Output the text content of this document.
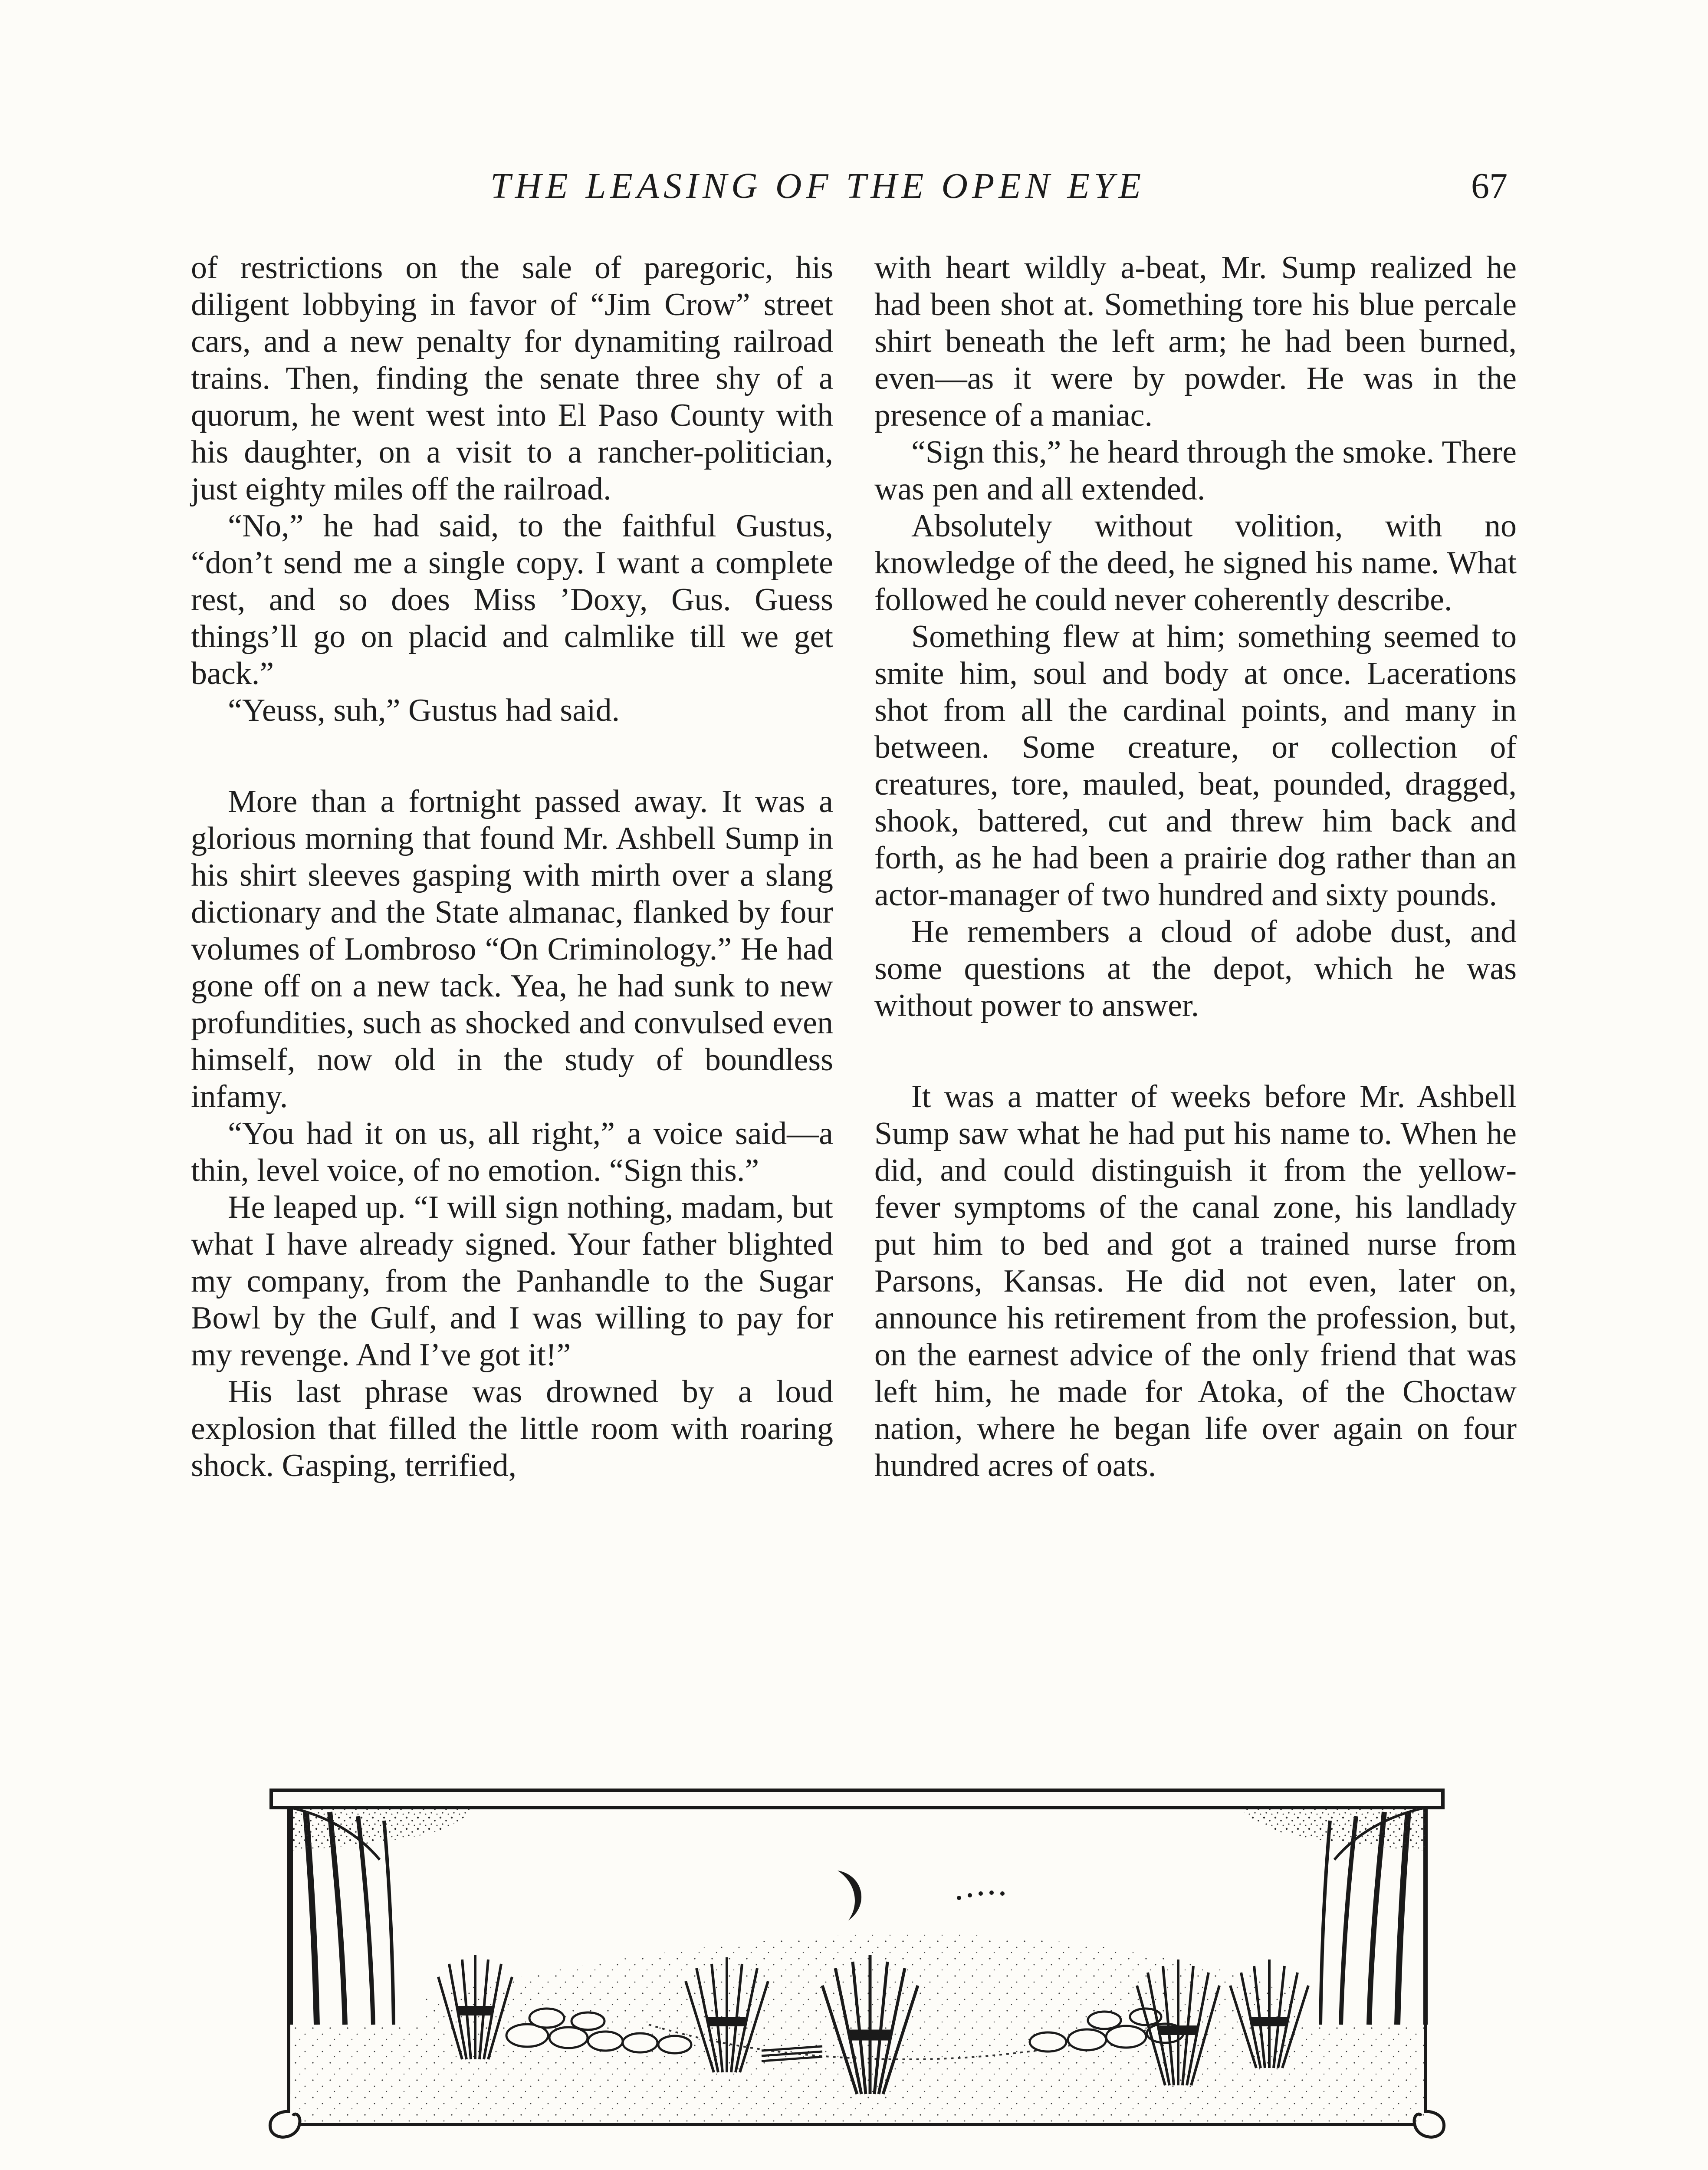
THE LEASING OF THE OPEN EYE	67

of restrictions on the sale of paregoric, his diligent lobbying in favor of “Jim Crow” street cars, and a new penalty for dynamiting railroad trains. Then, finding the senate three shy of a quorum, he went west into El Paso County with his daughter, on a visit to a rancher-politician, just eighty miles off the railroad.

“No,” he had said, to the faithful Gustus, “don’t send me a single copy. I want a complete rest, and so does Miss ’Doxy, Gus. Guess things’ll go on placid and calmlike till we get back.”

“Yeuss, suh,” Gustus had said.

More than a fortnight passed away. It was a glorious morning that found Mr. Ashbell Sump in his shirt sleeves gasping with mirth over a slang dictionary and the State almanac, flanked by four volumes of Lombroso “On Criminology.” He had gone off on a new tack. Yea, he had sunk to new profundities, such as shocked and convulsed even himself, now old in the study of boundless infamy.

“You had it on us, all right,” a voice said—a thin, level voice, of no emotion. “Sign this.”

He leaped up. “I will sign nothing, madam, but what I have already signed. Your father blighted my company, from the Panhandle to the Sugar Bowl by the Gulf, and I was willing to pay for my revenge. And I’ve got it!”

His last phrase was drowned by a loud explosion that filled the little room with roaring shock. Gasping, terrified,

with heart wildly a-beat, Mr. Sump realized he had been shot at. Something tore his blue percale shirt beneath the left arm; he had been burned, even—as it were by powder. He was in the presence of a maniac.

“Sign this,” he heard through the smoke. There was pen and all extended.

Absolutely without volition, with no knowledge of the deed, he signed his name. What followed he could never coherently describe.

Something flew at him; something seemed to smite him, soul and body at once. Lacerations shot from all the cardinal points, and many in between. Some creature, or collection of creatures, tore, mauled, beat, pounded, dragged, shook, battered, cut and threw him back and forth, as he had been a prairie dog rather than an actor-manager of two hundred and sixty pounds.

He remembers a cloud of adobe dust, and some questions at the depot, which he was without power to answer.

It was a matter of weeks before Mr. Ashbell Sump saw what he had put his name to. When he did, and could distinguish it from the yellow-fever symptoms of the canal zone, his landlady put him to bed and got a trained nurse from Parsons, Kansas. He did not even, later on, announce his retirement from the profession, but, on the earnest advice of the only friend that was left him, he made for Atoka, of the Choctaw nation, where he began life over again on four hundred acres of oats.
